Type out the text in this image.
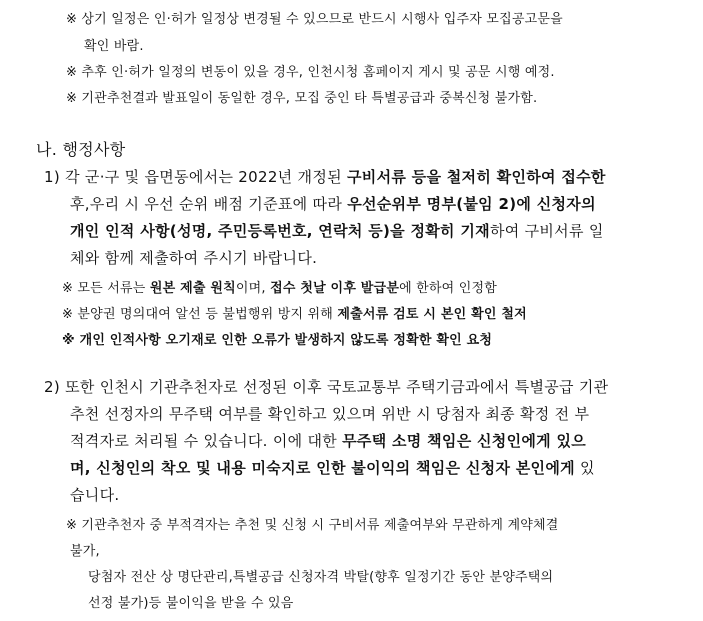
※ 상기 일정은 인·허가 일정상 변경될 수 있으므로 반드시 시행사 입주자 모집공고문을

확인 바람.

※ 추후 인·허가 일정의 변동이 있을 경우, 인천시청 홈페이지 게시 및 공문 시행 예정.

※ 기관추천결과 발표일이 동일한 경우, 모집 중인 타 특별공급과 중복신청 불가함.

나. 행정사항

1) 각 군·구 및 읍면동에서는 2022년 개정된 구비서류 등을 철저히 확인하여 접수한

후,우리 시 우선 순위 배점 기준표에 따라 우선순위부 명부(붙임 2)에 신청자의

개인 인적 사항(성명, 주민등록번호, 연락처 등)을 정확히 기재하여 구비서류 일

체와 함께 제출하여 주시기 바랍니다.

※ 모든 서류는 원본 제출 원칙이며, 접수 첫날 이후 발급분에 한하여 인정함

※ 분양권 명의대여 알선 등 불법행위 방지 위해 제출서류 검토 시 본인 확인 철저

※ 개인 인적사항 오기재로 인한 오류가 발생하지 않도록 정확한 확인 요청

2) 또한 인천시 기관추천자로 선정된 이후 국토교통부 주택기금과에서 특별공급 기관

추천 선정자의 무주택 여부를 확인하고 있으며 위반 시 당첨자 최종 확정 전 부

적격자로 처리될 수 있습니다. 이에 대한 무주택 소명 책임은 신청인에게 있으

며, 신청인의 착오 및 내용 미숙지로 인한 불이익의 책임은 신청자 본인에게 있

습니다.

※ 기관추천자 중 부적격자는 추천 및 신청 시 구비서류 제출여부와 무관하게 계약체결

불가,

당첨자 전산 상 명단관리,특별공급 신청자격 박탈(향후 일정기간 동안 분양주택의

선정 불가)등 불이익을 받을 수 있음
